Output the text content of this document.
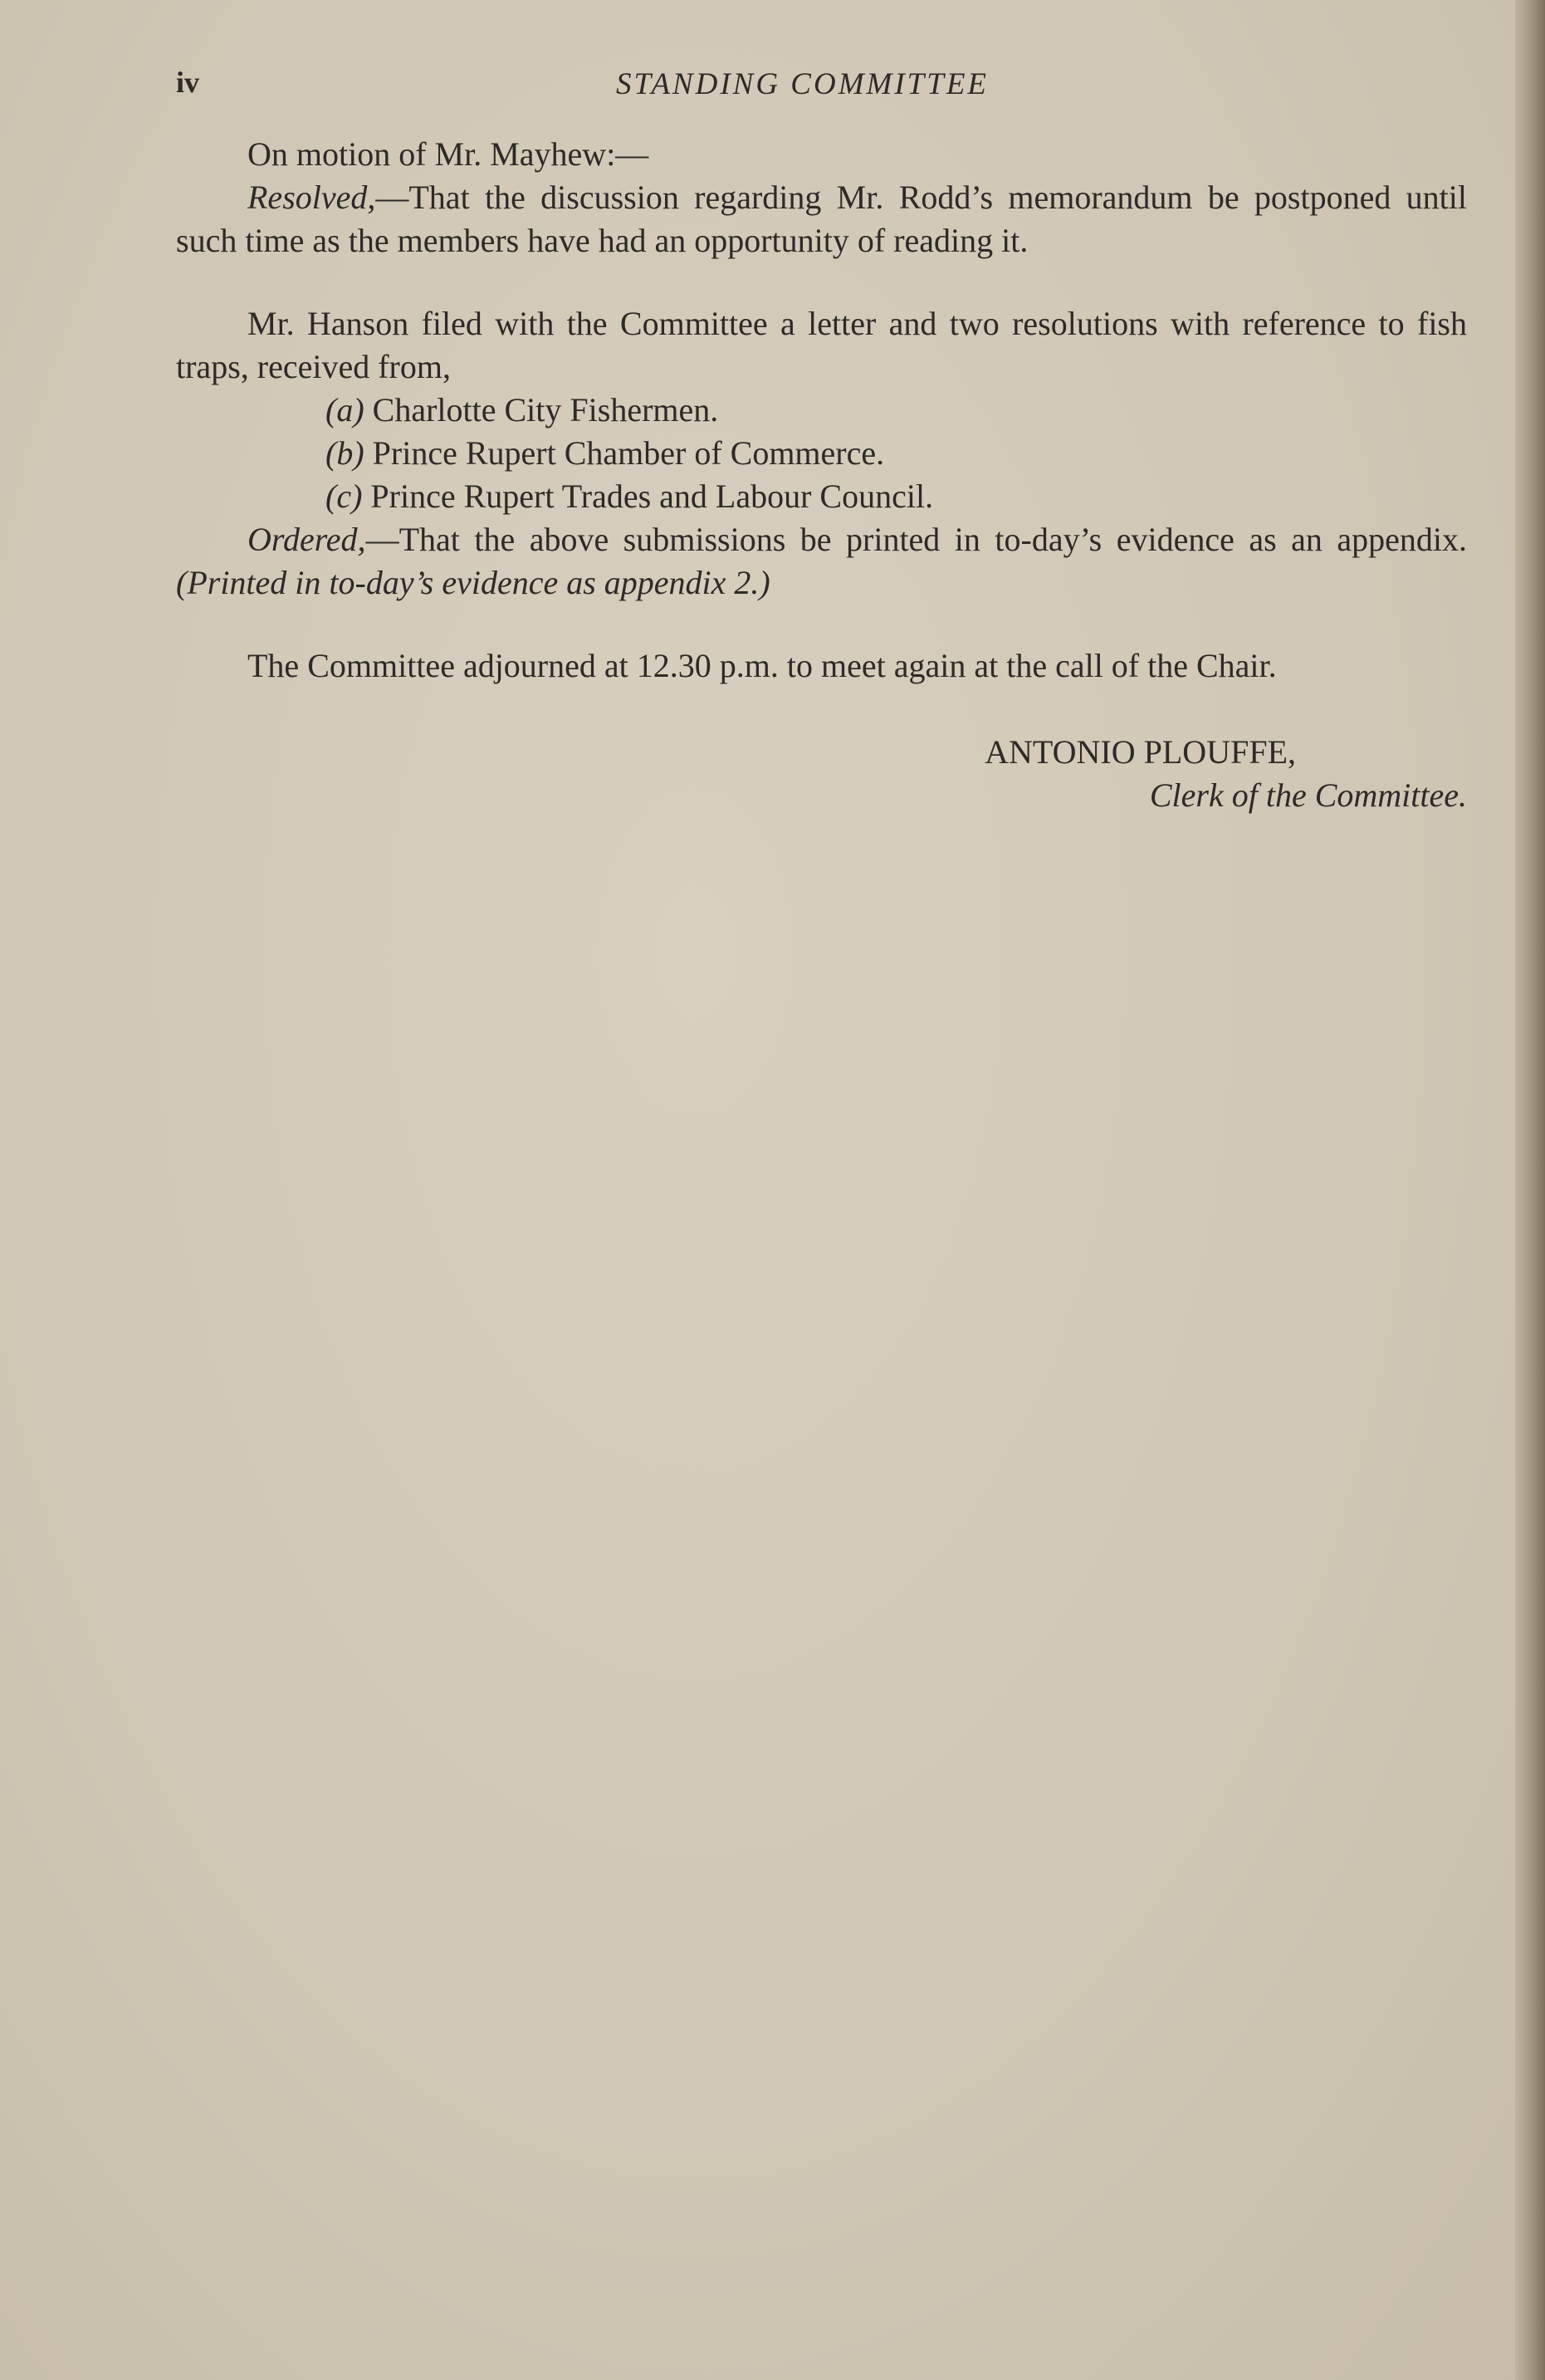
iv	STANDING COMMITTEE

On motion of Mr. Mayhew:—

Resolved,—That the discussion regarding Mr. Rodd’s memorandum be postponed until such time as the members have had an opportunity of reading it.

Mr. Hanson filed with the Committee a letter and two resolutions with reference to fish traps, received from,

(a) Charlotte City Fishermen.

(b) Prince Rupert Chamber of Commerce.

(c) Prince Rupert Trades and Labour Council.

Ordered,—That the above submissions be printed in to-day’s evidence as an appendix. (Printed in to-day’s evidence as appendix 2.)

The Committee adjourned at 12.30 p.m. to meet again at the call of the Chair.

ANTONIO PLOUFFE,
Clerk of the Committee.
